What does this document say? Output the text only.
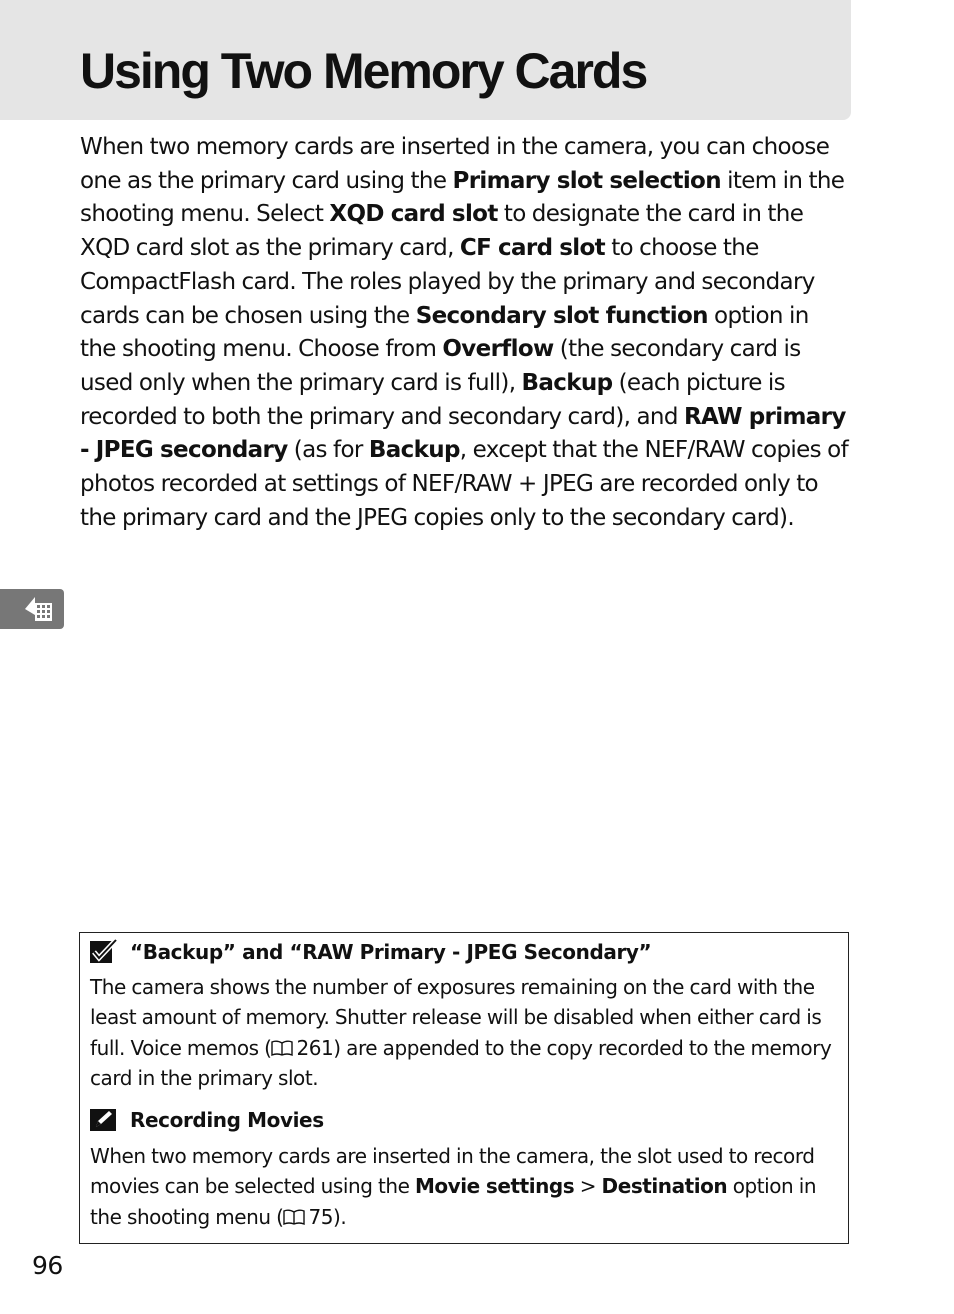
Using Two Memory Cards

When two memory cards are inserted in the camera, you can choose one as the primary card using the Primary slot selection item in the shooting menu. Select XQD card slot to designate the card in the XQD card slot as the primary card, CF card slot to choose the CompactFlash card. The roles played by the primary and secondary cards can be chosen using the Secondary slot function option in the shooting menu. Choose from Overflow (the secondary card is used only when the primary card is full), Backup (each picture is recorded to both the primary and secondary card), and RAW primary - JPEG secondary (as for Backup, except that the NEF/RAW copies of photos recorded at settings of NEF/RAW + JPEG are recorded only to the primary card and the JPEG copies only to the secondary card).

“Backup” and “RAW Primary - JPEG Secondary”

The camera shows the number of exposures remaining on the card with the least amount of memory. Shutter release will be disabled when either card is full. Voice memos ( 261) are appended to the copy recorded to the memory card in the primary slot.

Recording Movies

When two memory cards are inserted in the camera, the slot used to record movies can be selected using the Movie settings > Destination option in the shooting menu ( 75).

96
